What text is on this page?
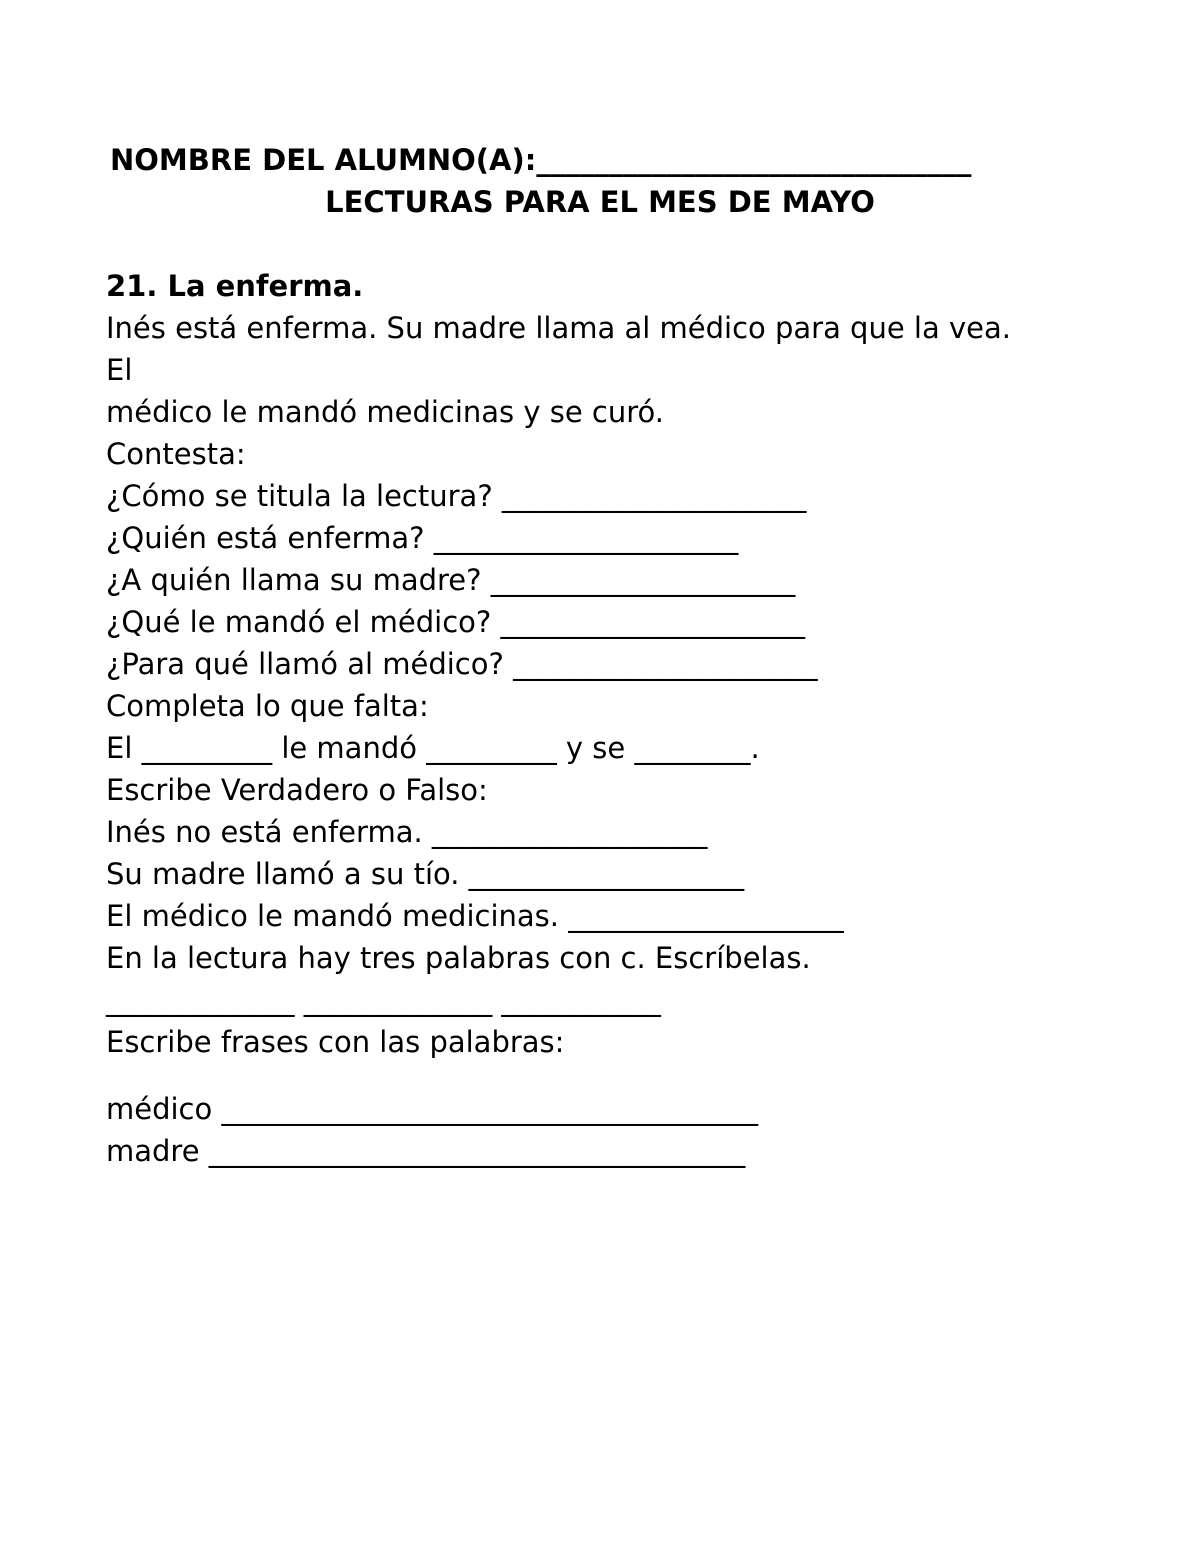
NOMBRE DEL ALUMNO(A):______________________________

LECTURAS PARA EL MES DE MAYO

21. La enferma.

Inés está enferma. Su madre llama al médico para que la vea.

El

médico le mandó medicinas y se curó.

Contesta:

¿Cómo se titula la lectura? _____________________

¿Quién está enferma? _____________________

¿A quién llama su madre? _____________________

¿Qué le mandó el médico? _____________________

¿Para qué llamó al médico? _____________________

Completa lo que falta:

El _________ le mandó _________ y se ________.

Escribe Verdadero o Falso:

Inés no está enferma. ___________________

Su madre llamó a su tío. ___________________

El médico le mandó medicinas. ___________________

En la lectura hay tres palabras con c. Escríbelas.

_____________ _____________ ___________

Escribe frases con las palabras:

médico _____________________________________

madre _____________________________________
